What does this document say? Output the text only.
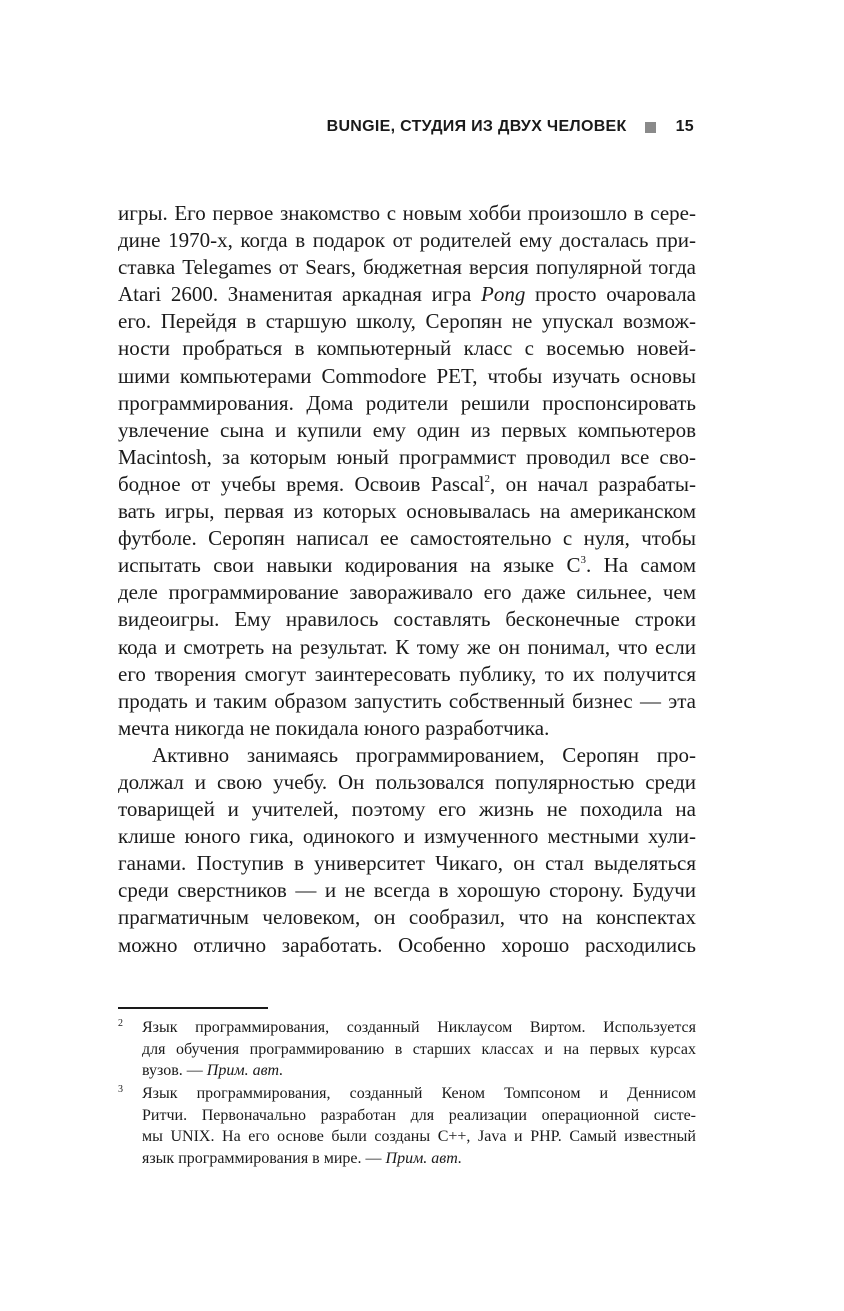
BUNGIE, СТУДИЯ ИЗ ДВУХ ЧЕЛОВЕК	15
игры. Его первое знакомство с новым хобби произошло в сере-
дине 1970-х, когда в подарок от родителей ему досталась при-
ставка Telegames от Sears, бюджетная версия популярной тогда
Atari 2600. Знаменитая аркадная игра Pong просто очаровала
его. Перейдя в старшую школу, Серопян не упускал возмож-
ности пробраться в компьютерный класс с восемью новей-
шими компьютерами Commodore PET, чтобы изучать основы
программирования. Дома родители решили проспонсировать
увлечение сына и купили ему один из первых компьютеров
Macintosh, за которым юный программист проводил все сво-
бодное от учебы время. Освоив Pascal$^2$, он начал разрабаты-
вать игры, первая из которых основывалась на американском
футболе. Серопян написал ее самостоятельно с нуля, чтобы
испытать свои навыки кодирования на языке $C^3$. На самом
деле программирование завораживало его даже сильнее, чем
видеоигры. Ему нравилось составлять бесконечные строки
кода и смотреть на результат. К тому же он понимал, что если
его творения смогут заинтересовать публику, то их получится
продать и таким образом запустить собственный бизнес — эта
мечта никогда не покидала юного разработчика.
Активно занимаясь программированием, Серопян про-
должал и свою учебу. Он пользовался популярностью среди
товарищей и учителей, поэтому его жизнь не походила на
клише юного гика, одинокого и измученного местными хули-
ганами. Поступив в университет Чикаго, он стал выделяться
среди сверстников — и не всегда в хорошую сторону. Будучи
прагматичным человеком, он сообразил, что на конспектах
можно отлично заработать. Особенно хорошо расходились
2 Язык программирования, созданный Никлаусом Виртом. Используется
для обучения программированию в старших классах и на первых курсах
вузов. — Прим. авт.
3 Язык программирования, созданный Кеном Томпсоном и Деннисом
Ритчи. Первоначально разработан для реализации операционной систе-
мы UNIX. На его основе были созданы C++, Java и PHP. Самый известный
язык программирования в мире. — Прим. авт.
